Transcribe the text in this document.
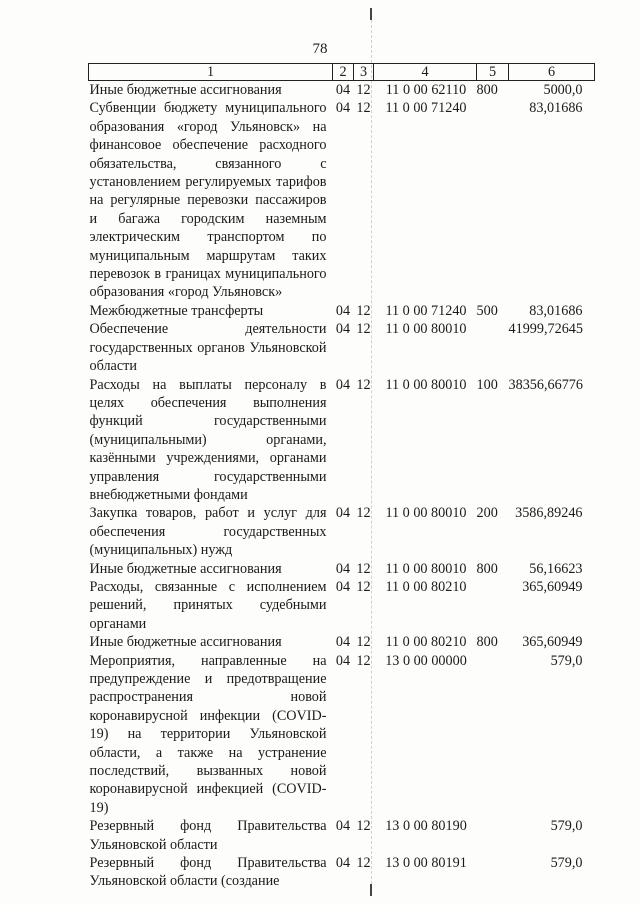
78
1	2	3	4	5	6
Иные бюджетные ассигнования	04	12	11 0 00 62110	800	5000,0
Субвенции бюджету муниципального образования «город Ульяновск» на финансовое обеспечение расходного обязательства, связанного с установлением регулируемых тарифов на регулярные перевозки пассажиров и багажа городским наземным электрическим транспортом по муниципальным маршрутам таких перевозок в границах муниципального образования «город Ульяновск»	04	12	11 0 00 71240		83,01686
Межбюджетные трансферты	04	12	11 0 00 71240	500	83,01686
Обеспечение деятельности государственных органов Ульяновской области	04	12	11 0 00 80010		41999,72645
Расходы на выплаты персоналу в целях обеспечения выполнения функций государственными (муниципальными) органами, казёнными учреждениями, органами управления государственными внебюджетными фондами	04	12	11 0 00 80010	100	38356,66776
Закупка товаров, работ и услуг для обеспечения государственных (муниципальных) нужд	04	12	11 0 00 80010	200	3586,89246
Иные бюджетные ассигнования	04	12	11 0 00 80010	800	56,16623
Расходы, связанные с исполнением решений, принятых судебными органами	04	12	11 0 00 80210		365,60949
Иные бюджетные ассигнования	04	12	11 0 00 80210	800	365,60949
Мероприятия, направленные на предупреждение и предотвращение распространения новой коронавирусной инфекции (COVID-19) на территории Ульяновской области, а также на устранение последствий, вызванных новой коронавирусной инфекцией (COVID-19)	04	12	13 0 00 00000		579,0
Резервный фонд Правительства Ульяновской области	04	12	13 0 00 80190		579,0
Резервный фонд Правительства Ульяновской области (создание	04	12	13 0 00 80191		579,0
